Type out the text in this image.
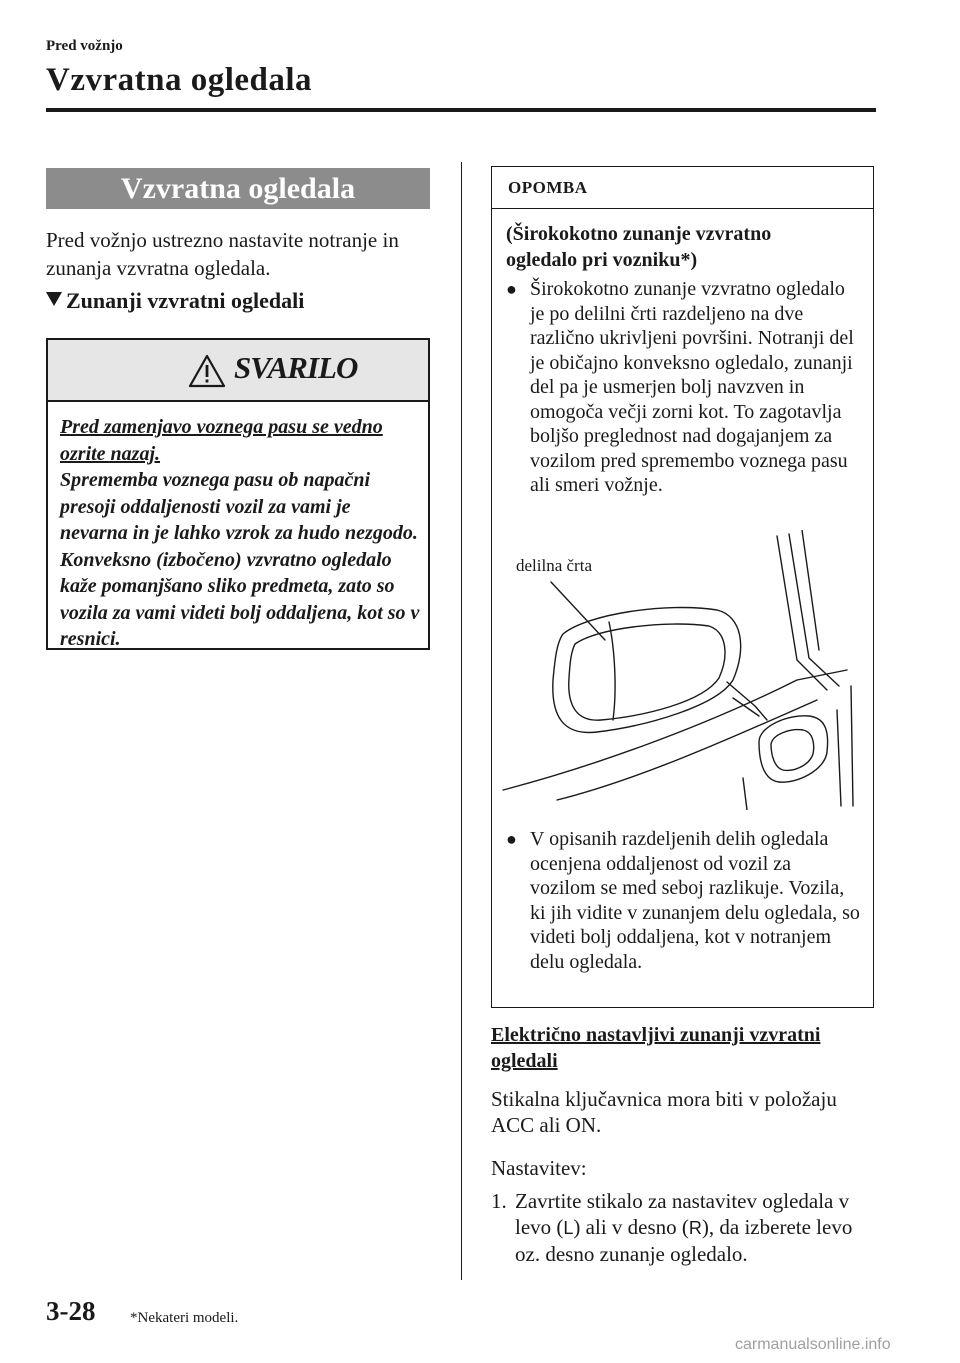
Pred vožnjo
Vzvratna ogledala
Vzvratna ogledala
Pred vožnjo ustrezno nastavite notranje in zunanja vzvratna ogledala.
Zunanji vzvratni ogledali
SVARILO
Pred zamenjavo voznega pasu se vedno ozrite nazaj.
Sprememba voznega pasu ob napačni presoji oddaljenosti vozil za vami je nevarna in je lahko vzrok za hudo nezgodo. Konveksno (izbočeno) vzvratno ogledalo kaže pomanjšano sliko predmeta, zato so vozila za vami videti bolj oddaljena, kot so v resnici.
OPOMBA
(Širokokotno zunanje vzvratno ogledalo pri vozniku*)
● Širokokotno zunanje vzvratno ogledalo je po delilni črti razdeljeno na dve različno ukrivljeni površini. Notranji del je običajno konveksno ogledalo, zunanji del pa je usmerjen bolj navzven in omogoča večji zorni kot. To zagotavlja boljšo preglednost nad dogajanjem za vozilom pred spremembo voznega pasu ali smeri vožnje.
● V opisanih razdeljenih delih ogledala ocenjena oddaljenost od vozil za vozilom se med seboj razlikuje. Vozila, ki jih vidite v zunanjem delu ogledala, so videti bolj oddaljena, kot v notranjem delu ogledala.
delilna črta
Električno nastavljivi zunanji vzvratni ogledali
Stikalna ključavnica mora biti v položaju ACC ali ON.
Nastavitev:
1. Zavrtite stikalo za nastavitev ogledala v levo (L) ali v desno (R), da izberete levo oz. desno zunanje ogledalo.
3-28 *Nekateri modeli.
carmanualsonline.info
